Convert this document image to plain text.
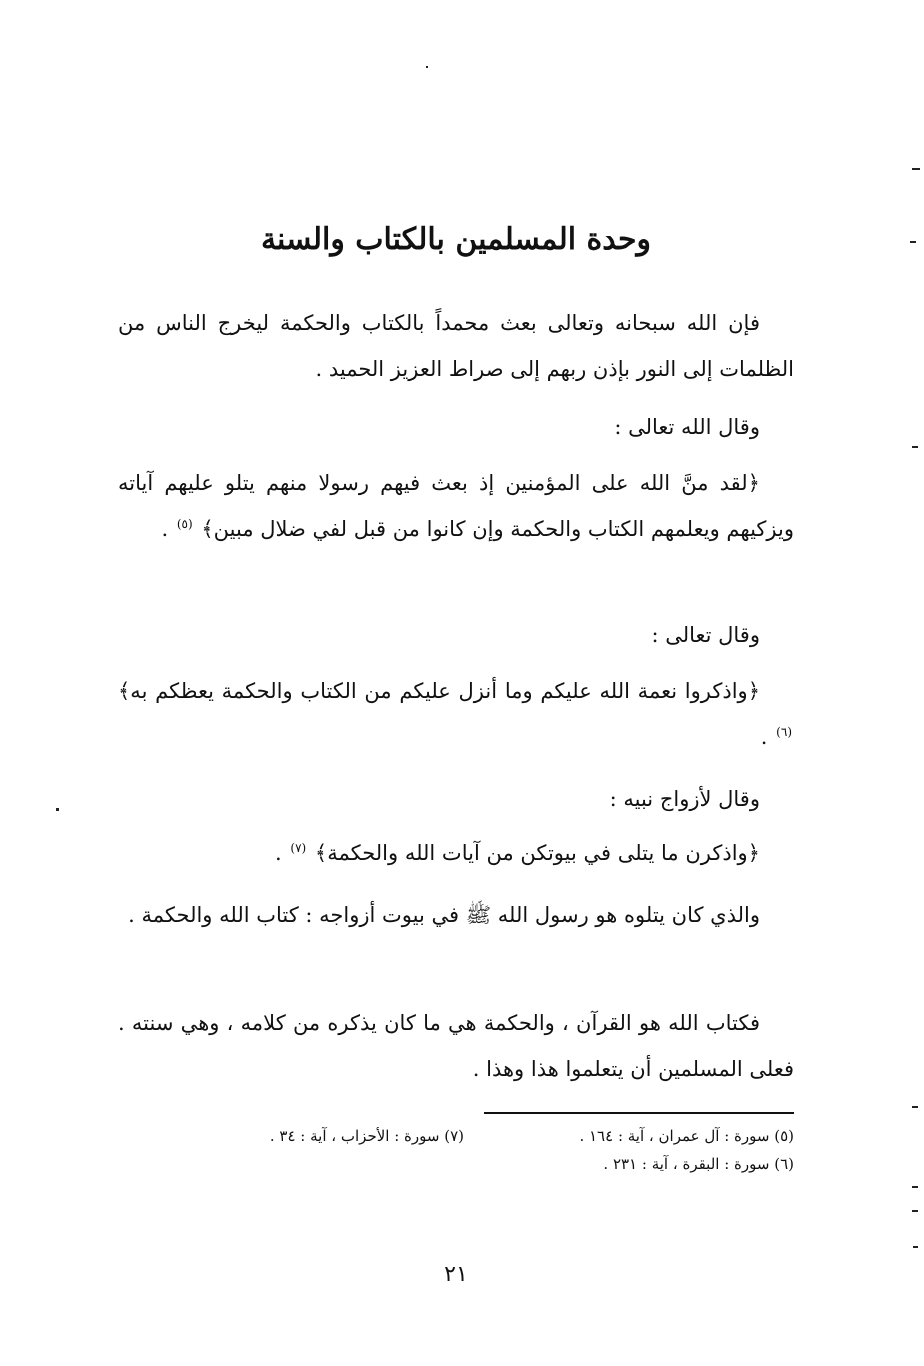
وحدة المسلمين بالكتاب والسنة
فإن الله سبحانه وتعالى بعث محمداً بالكتاب والحكمة ليخرج الناس من الظلمات إلى النور بإذن ربهم إلى صراط العزيز الحميد .
وقال الله تعالى :
﴿لقد منَّ الله على المؤمنين إذ بعث فيهم رسولا منهم يتلو عليهم آياته ويزكيهم ويعلمهم الكتاب والحكمة وإن كانوا من قبل لفي ضلال مبين﴾ $^{(٥)}$ .
وقال تعالى :
﴿واذكروا نعمة الله عليكم وما أنزل عليكم من الكتاب والحكمة يعظكم به﴾ $^{(٦)}$ .
وقال لأزواج نبيه :
﴿واذكرن ما يتلى في بيوتكن من آيات الله والحكمة﴾ $^{(٧)}$ .
والذي كان يتلوه هو رسول الله ﷺ في بيوت أزواجه : كتاب الله والحكمة .
فكتاب الله هو القرآن ، والحكمة هي ما كان يذكره من كلامه ، وهي سنته . فعلى المسلمين أن يتعلموا هذا وهذا .
(٥) سورة : آل عمران ، آية : ١٦٤ .
(٧) سورة : الأحزاب ، آية : ٣٤ .
(٦) سورة : البقرة ، آية : ٢٣١ .
٢١
